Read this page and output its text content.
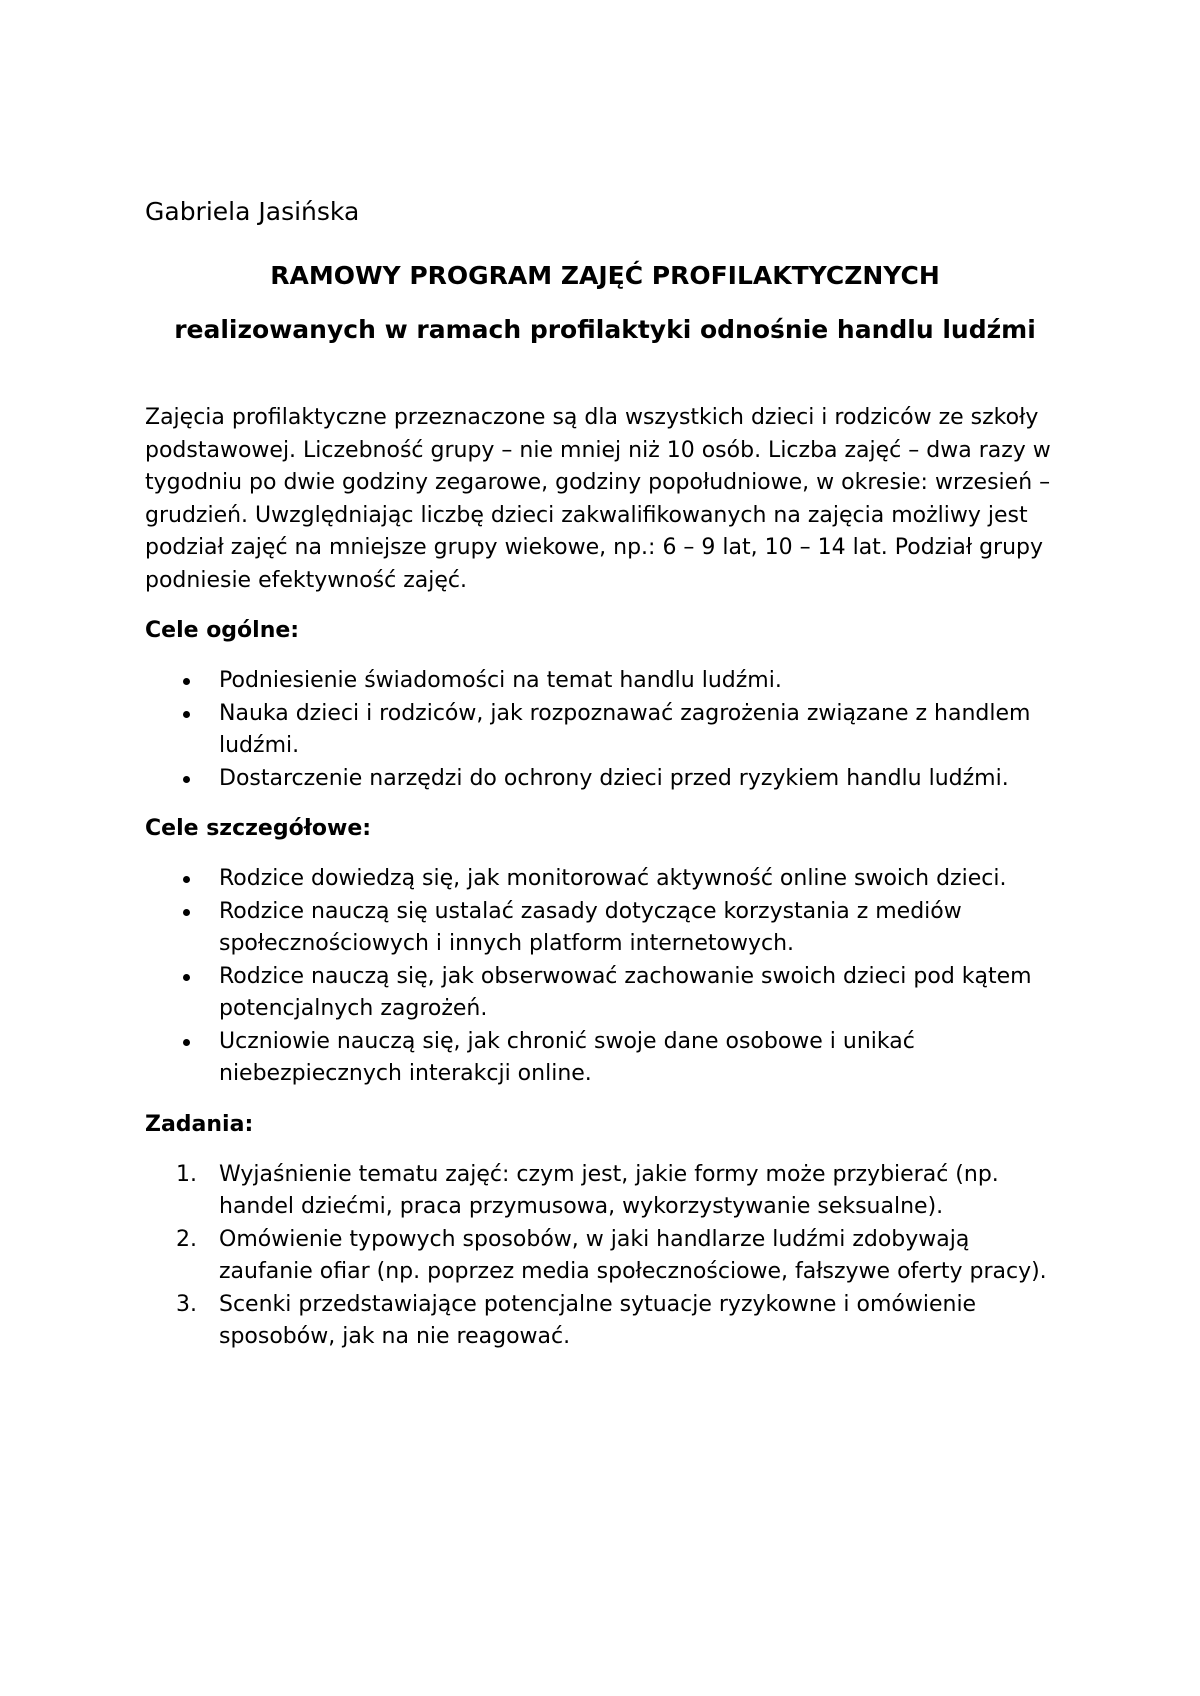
Gabriela Jasińska

RAMOWY PROGRAM ZAJĘĆ PROFILAKTYCZNYCH

realizowanych w ramach profilaktyki odnośnie handlu ludźmi

Zajęcia profilaktyczne przeznaczone są dla wszystkich dzieci i rodziców ze szkoły podstawowej. Liczebność grupy – nie mniej niż 10 osób. Liczba zajęć – dwa razy w tygodniu po dwie godziny zegarowe, godziny popołudniowe, w okresie: wrzesień – grudzień. Uwzględniając liczbę dzieci zakwalifikowanych na zajęcia możliwy jest podział zajęć na mniejsze grupy wiekowe, np.: 6 – 9 lat, 10 – 14 lat. Podział grupy podniesie efektywność zajęć.

Cele ogólne:

Podniesienie świadomości na temat handlu ludźmi.
Nauka dzieci i rodziców, jak rozpoznawać zagrożenia związane z handlem ludźmi.
Dostarczenie narzędzi do ochrony dzieci przed ryzykiem handlu ludźmi.

Cele szczegółowe:

Rodzice dowiedzą się, jak monitorować aktywność online swoich dzieci.
Rodzice nauczą się ustalać zasady dotyczące korzystania z mediów społecznościowych i innych platform internetowych.
Rodzice nauczą się, jak obserwować zachowanie swoich dzieci pod kątem potencjalnych zagrożeń.
Uczniowie nauczą się, jak chronić swoje dane osobowe i unikać niebezpiecznych interakcji online.

Zadania:

1. Wyjaśnienie tematu zajęć: czym jest, jakie formy może przybierać (np. handel dziećmi, praca przymusowa, wykorzystywanie seksualne).
2. Omówienie typowych sposobów, w jaki handlarze ludźmi zdobywają zaufanie ofiar (np. poprzez media społecznościowe, fałszywe oferty pracy).
3. Scenki przedstawiające potencjalne sytuacje ryzykowne i omówienie sposobów, jak na nie reagować.
